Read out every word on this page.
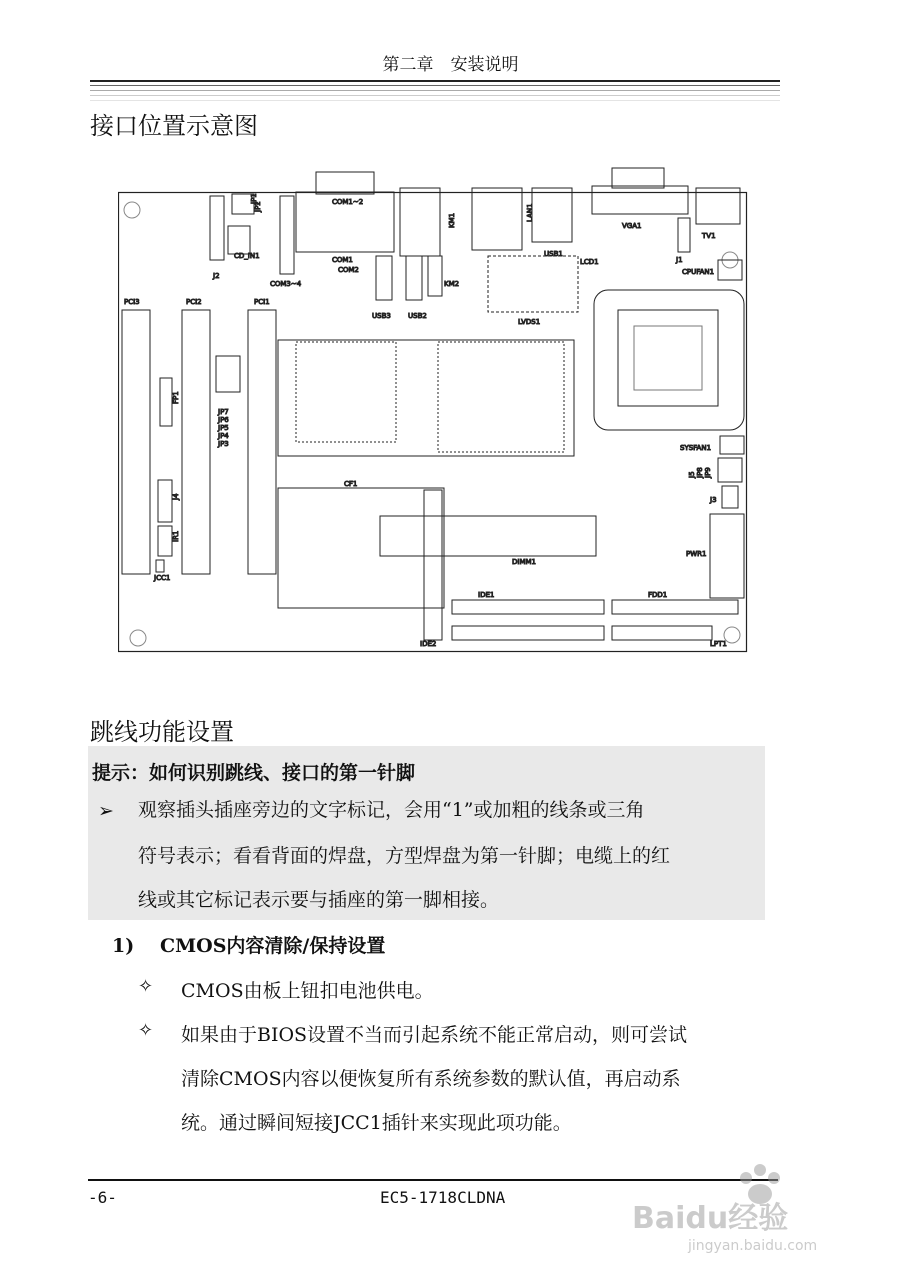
第二章　安装说明
接口位置示意图
JP1
CD_IN1
J2
JP2
COM3~4
COM1~2
COM1
COM2
KM1
USB3 USB2
KM2
LAN1
USB1
LCD1
LVDS1
VGA1
TV1
J1
CPUFAN1
PCI3	PCI2	PCI1
FP1
JP7
JP6
JP5
JP4
JP3
J4
IR1
JCC1
SYSFAN1
J5 JP8 JP9
J3
PWR1
CF1
DIMM1
IDE1
IDE2
FDD1
LPT1
跳线功能设置
提示：如何识别跳线、接口的第一针脚
➢ 观察插头插座旁边的文字标记，会用“1”或加粗的线条或三角
符号表示；看看背面的焊盘，方型焊盘为第一针脚；电缆上的红
线或其它标记表示要与插座的第一脚相接。
1) CMOS内容清除/保持设置
✧ CMOS由板上钮扣电池供电。
✧ 如果由于BIOS设置不当而引起系统不能正常启动，则可尝试
清除CMOS内容以便恢复所有系统参数的默认值，再启动系
统。通过瞬间短接JCC1插针来实现此项功能。
-6-	EC5-1718CLDNA
Baidu经验
jingyan.baidu.com
